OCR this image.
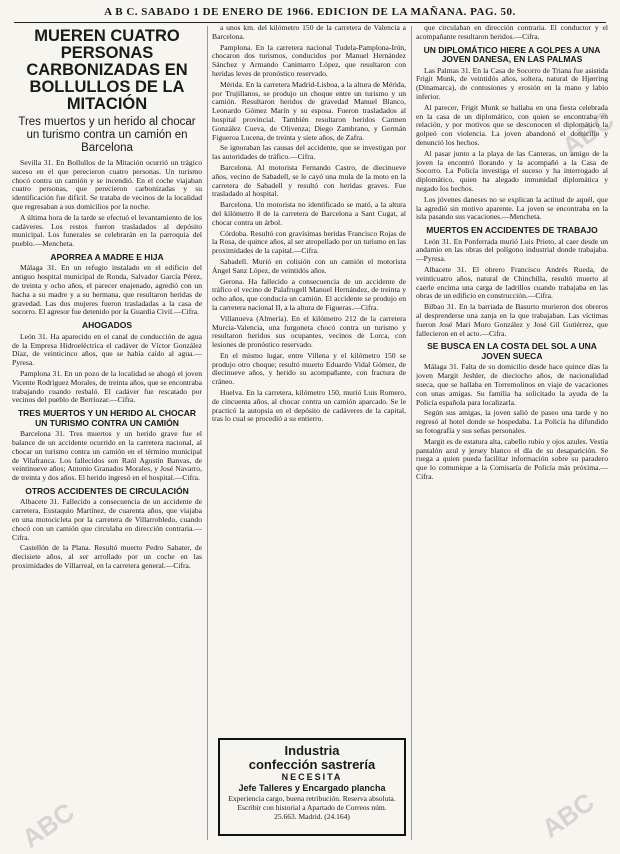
A B C. SABADO 1 DE ENERO DE 1966. EDICION DE LA MAÑANA. PAG. 50.
MUEREN CUATRO PERSONAS CARBONIZADAS EN BOLLULLOS DE LA MITACIÓN
Tres muertos y un herido al chocar un turismo contra un camión en Barcelona

Sevilla 31. En Bollullos de la Mitación ocurrió un trágico suceso en el que perecieron cuatro personas. Un turismo chocó contra un camión y se incendió. En el coche viajaban cuatro personas, que perecieron carbonizadas y su identificación fue difícil. Se trataba de vecinos de la localidad que regresaban a sus domicilios por la noche.

A última hora de la tarde se efectuó el levantamiento de los cadáveres. Los restos fueron trasladados al depósito municipal. Los funerales se celebrarán en la parroquia del pueblo.—Mencheta.

APORREA A MADRE E HIJA

Málaga 31. En un refugio instalado en el edificio del antiguo hospital municipal de Ronda, Salvador García Pérez, de treinta y ocho años, el parecer enajenado, agredió con un hacha a su madre y a su hermana, que resultaron heridas de gravedad. Las dos mujeres fueron trasladadas a la casa de socorro. El agresor fue detenido por la Guardia Civil.—Cifra.

AHOGADOS

León 31. Ha aparecido en el canal de conducción de agua de la Empresa Hidroeléctrica el cadáver de Víctor González Díaz, de veinticinco años, que se había caído al agua.—Pyresa.

Pamplona 31. En un pozo de la localidad se ahogó el joven Vicente Rodríguez Morales, de treinta años, que se encontraba trabajando cuando resbaló. El cadáver fue rescatado por vecinos del pueblo de Berriozar.—Cifra.

TRES MUERTOS Y UN HERIDO AL CHOCAR UN TURISMO CONTRA UN CAMIÓN

Barcelona 31. Tres muertos y un herido grave fue el balance de un accidente ocurrido en la carretera nacional, al chocar un turismo contra un camión en el término municipal de Vilafranca. Los fallecidos son Raúl Agustín Banvas, de veintinueve años; Antonio Granados Morales, y José Navarro, de treinta y dos años. El herido ingresó en el hospital.—Cifra.

OTROS ACCIDENTES DE CIRCULACIÓN

Albacete 31. Fallecido a consecuencia de un accidente de carretera, Eustaquio Martínez, de cuarenta años, que viajaba en una motocicleta por la carretera de Villarrobledo, cuando chocó con un camión que circulaba en dirección contraria.—Cifra.

Castellón de la Plana. Resultó muerto Pedro Sabater, de diecisiete años, al ser arrollado por un coche en las proximidades de Villarreal, en la carretera general.—Cifra.

a unos km. del kilómetro 150 de la carretera de Valencia a Barcelona.

Pamplona. En la carretera nacional Tudela-Pamplona-Irún, chocaron dos turismos, conducidos por Manuel Hernández Sánchez y Armando Canimarro López, que resultaron con heridas leves de pronóstico reservado.

Mérida. En la carretera Madrid-Lisboa, a la altura de Mérida, por Trujillanos, se produjo un choque entre un turismo y un camión. Resultaron heridos de gravedad Manuel Blanco, Leonardo Gómez Marín y su esposa. Fueron trasladados al hospital provincial. También resultaron heridos Carmen González Cueva, de Olivenza; Diego Zambrano, y Germán Figueroa Lucena, de treinta y siete años, de Zafra.

Se ignoraban las causas del accidente, que se investigan por las autoridades de tráfico.—Cifra.

Barcelona. Al motorista Fernando Castro, de diecinueve años, vecino de Sabadell, se le cayó una mula de la moto en la carretera de Sabadell y resultó con heridas graves. Fue trasladado al hospital.

Barcelona. Un motorista no identificado se mató, a la altura del kilómetro 8 de la carretera de Barcelona a Sant Cugat, al chocar contra un árbol.

Córdoba. Resultó con gravísimas heridas Francisco Rojas de la Rosa, de quince años, al ser atropellado por un turismo en las proximidades de la capital.—Cifra.

Sabadell. Murió en colisión con un camión el motorista Ángel Sanz López, de veintidós años.

Gerona. Ha fallecido a consecuencia de un accidente de tráfico el vecino de Palafrugell Manuel Hernández, de treinta y ocho años, que conducía un camión. El accidente se produjo en la carretera nacional II, a la altura de Figueras.—Cifra.

Villanueva (Almería). En el kilómetro 212 de la carretera Murcia-Valencia, una furgoneta chocó contra un turismo y resultaron heridos sus ocupantes, vecinos de Lorca, con lesiones de pronóstico reservado.

En el mismo lugar, entre Villena y el kilómetro 150 se produjo otro choque; resultó muerto Eduardo Vidal Gómez, de diecinueve años, y herido su acompañante, con fractura de cráneo.

Huelva. En la carretera, kilómetro 150, murió Luis Romero, de cincuenta años, al chocar contra un camión aparcado. Se le practicó la autopsia en el depósito de cadáveres de la capital, tras lo cual se procedió a su entierro.

Industria
confección sastrería
NECESITA
Jefe Talleres y Encargado plancha
Experiencia cargo, buena retribución. Reserva absoluta. Escribir con historial a Apartado de Correos núm. 25.663. Madrid. (24.164)

que circulaban en dirección contraria. El conductor y el acompañante resultaron heridos.—Cifra.

UN DIPLOMÁTICO HIERE A GOLPES A UNA JOVEN DANESA, EN LAS PALMAS

Las Palmas 31. En la Casa de Socorro de Triana fue asistida Frigit Munk, de veintidós años, soltera, natural de Hjørring (Dinamarca), de contusiones y erosión en la mano y labio inferior.

Al parecer, Frigit Munk se hallaba en una fiesta celebrada en la casa de un diplomático, con quien se encontraba en relación, y por motivos que se desconocen el diplomático la golpeó con violencia. La joven abandonó el domicilio y denunció los hechos.

Al pasar junto a la playa de las Canteras, un amigo de la joven la encontró llorando y la acompañó a la Casa de Socorro. La Policía investiga el suceso y ha interrogado al diplomático, quien ha alegado inmunidad diplomática y negado los hechos.

Los jóvenes daneses no se explican la actitud de aquél, que la agredió sin motivo aparente. La joven se encontraba en la isla pasando sus vacaciones.—Mencheta.

MUERTOS EN ACCIDENTES DE TRABAJO

León 31. En Ponferrada murió Luis Prieto, al caer desde un andamio en las obras del polígono industrial donde trabajaba.—Pyresa.

Albacete 31. El obrero Francisco Andrés Rueda, de veinticuatro años, natural de Chinchilla, resultó muerto al caerle encima una carga de ladrillos cuando trabajaba en las obras de un edificio en construcción.—Cifra.

Bilbao 31. En la barriada de Basurto murieron dos obreros al desprenderse una zanja en la que trabajaban. Las víctimas fueron José Mari Moro González y José Gil Gutiérrez, que fallecieron en el acto.—Cifra.

SE BUSCA EN LA COSTA DEL SOL A UNA JOVEN SUECA

Málaga 31. Falta de su domicilio desde hace quince días la joven Margit Jeshler, de dieciocho años, de nacionalidad sueca, que se hallaba en Torremolinos en viaje de vacaciones con unas amigas. Su familia ha solicitado la ayuda de la Policía española para localizarla.

Según sus amigas, la joven salió de paseo una tarde y no regresó al hotel donde se hospedaba. La Policía ha difundido su fotografía y sus señas personales.

Margit es de estatura alta, cabello rubio y ojos azules. Vestía pantalón azul y jersey blanco el día de su desaparición. Se ruega a quien pueda facilitar información sobre su paradero que lo comunique a la Comisaría de Policía más próxima.—Cifra.

ABC
ABC
ABC
